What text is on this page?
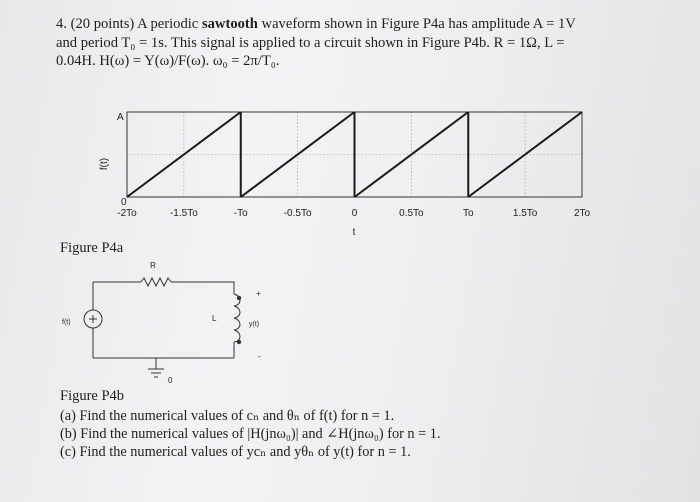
4. (20 points) A periodic sawtooth waveform shown in Figure P4a has amplitude A = 1V
and period T₀ = 1s. This signal is applied to a circuit shown in Figure P4b. R = 1Ω, L =
0.04H. H(ω) = Y(ω)/F(ω). ω₀ = 2π/T₀.
-2To	-1.5To	-To	-0.5To	0	0.5To	To	1.5To	2To
A
0
f(t)
t
Figure P4a
R
L
f(t)	y(t)
+
-
0
Figure P4b
(a) Find the numerical values of cₙ and θₙ of f(t) for n = 1.
(b) Find the numerical values of |H(jnω₀)| and ∠H(jnω₀) for n = 1.
(c) Find the numerical values of ycₙ and yθₙ of y(t) for n = 1.
